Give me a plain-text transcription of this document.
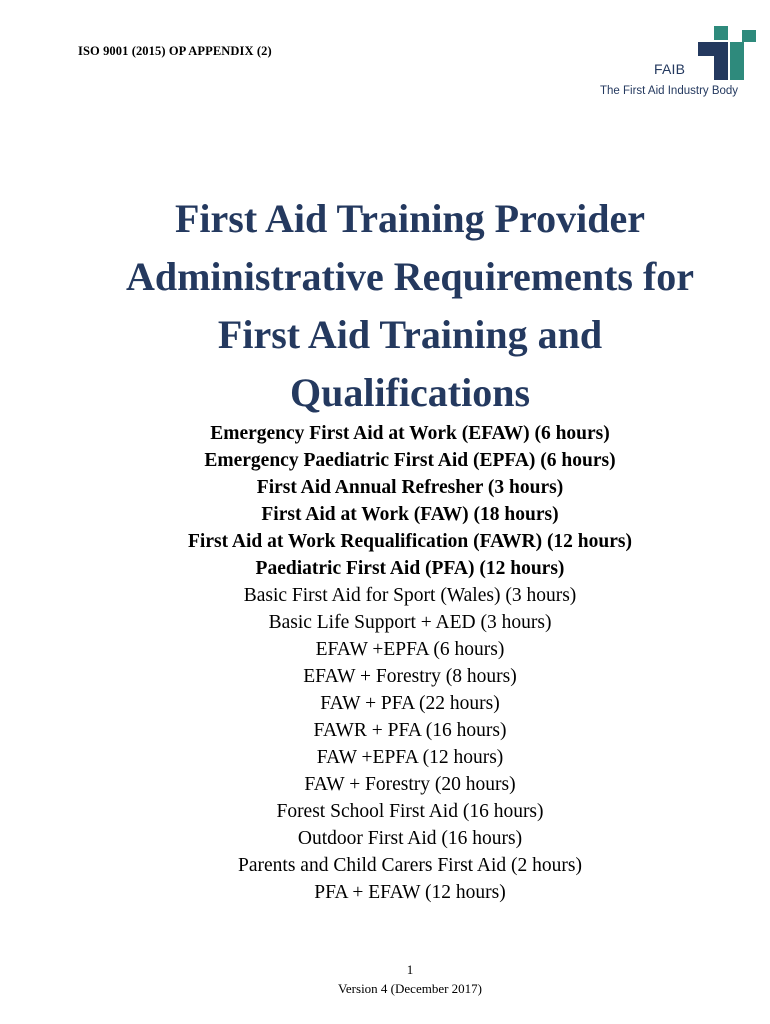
ISO 9001 (2015) OP APPENDIX (2)
FAIB
The First Aid Industry Body
First Aid Training Provider
Administrative Requirements for
First Aid Training and
Qualifications
Emergency First Aid at Work (EFAW) (6 hours)
Emergency Paediatric First Aid (EPFA) (6 hours)
First Aid Annual Refresher (3 hours)
First Aid at Work (FAW) (18 hours)
First Aid at Work Requalification (FAWR) (12 hours)
Paediatric First Aid (PFA) (12 hours)
Basic First Aid for Sport (Wales) (3 hours)
Basic Life Support + AED (3 hours)
EFAW +EPFA (6 hours)
EFAW + Forestry (8 hours)
FAW + PFA (22 hours)
FAWR + PFA (16 hours)
FAW +EPFA (12 hours)
FAW + Forestry (20 hours)
Forest School First Aid (16 hours)
Outdoor First Aid (16 hours)
Parents and Child Carers First Aid (2 hours)
PFA + EFAW (12 hours)
1
Version 4 (December 2017)
